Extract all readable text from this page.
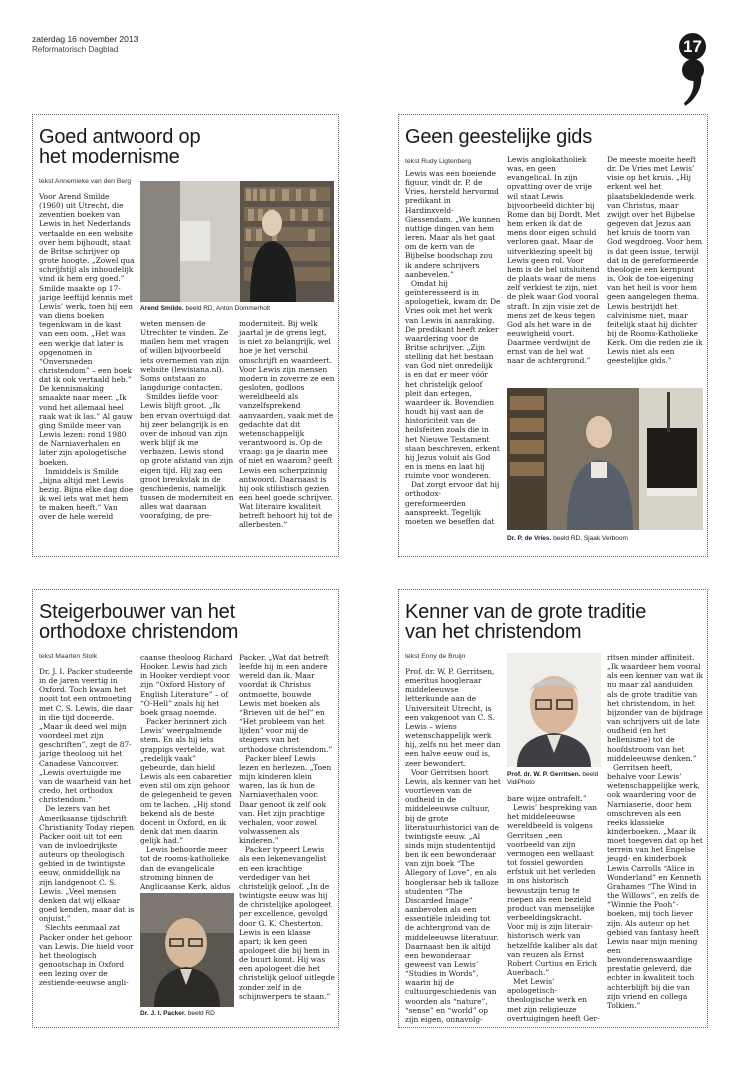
zaterdag 16 november 2013
Reformatorisch Dagblad	17
Goed antwoord op
het modernisme
tekst Annemieke van den Berg
Arend Smilde. beeld RD, Anton Dommerholt

Voor Arend Smilde (1960) uit Utrecht, die zeventien boeken van Lewis in het Nederlands vertaalde en een website over hem bijhoudt, staat de Britse schrijver op grote hoogte. „Zowel qua schrijfstijl als inhoudelijk vind ik hem erg goed.” Smilde maakte op 17-jarige leeftijd kennis met Lewis’ werk, toen hij een van diens boeken tegenkwam in de kast van een oom. „Het was een werkje dat later is opgenomen in “Onversneden christendom” – een boek dat ik ook vertaald heb.” De kennismaking smaakte naar meer. „Ik vond het allemaal heel raak wat ik las.” Al gauw ging Smilde meer van Lewis lezen: rond 1980 de Narniaverhalen en later zijn apologetische boeken.

Inmiddels is Smilde „bijna altijd met Lewis bezig. Bijna elke dag doe ik wel iets wat met hem te maken heeft.” Van over de hele wereld

weten mensen de Utrechter te vinden. Ze mailen hem met vragen of willen bijvoorbeeld iets overnemen van zijn website (lewisiana.nl). Soms ontstaan zo langdurige contacten.

Smildes liefde voor Lewis blijft groot. „Ik ben ervan overtuigd dat hij zeer belangrijk is en over de inhoud van zijn werk blijf ik me verbazen. Lewis stond op grote afstand van zijn eigen tijd. Hij zag een groot breukvlak in de geschiedenis, namelijk tussen de moderniteit en alles wat daaraan voorafging, de pre-

moderniteit. Bij welk jaartal je de grens legt, is niet zo belangrijk, wel hoe je het verschil omschrijft en waardeert. Voor Lewis zijn mensen modern in zoverre ze een gesloten, godloos wereldbeeld als vanzelfsprekend aanvaarden, vaak met de gedachte dat dit wetenschappelijk verantwoord is. Op de vraag: ga je daarin mee of niet en waarom? geeft Lewis een scherpzinnig antwoord. Daarnaast is hij ook stilistisch gezien een heel goede schrijver. Wat literaire kwaliteit betreft behoort hij tot de allerbesten.”

Geen geestelijke gids
tekst Rudy Ligtenberg

Lewis was een boeiende figuur, vindt dr. P. de Vries, hersteld hervormd predikant in Hardinxveld-Giessendam. „We kunnen nuttige dingen van hem leren. Maar als het gaat om de kern van de Bijbelse boodschap zou ik andere schrijvers aanbevelen.”

Omdat hij geïnteresseerd is in apologetiek, kwam dr. De Vries ook met het werk van Lewis in aanraking. De predikant heeft zeker waardering voor de Britse schrijver. „Zijn stelling dat het bestaan van God niet onredelijk is en dat er meer vóór het christelijk geloof pleit dan ertegen, waardeer ik. Bovendien houdt hij vast aan de historiciteit van de heilsfeiten zoals die in het Nieuwe Testament staan beschreven, erkent hij Jezus voluit als God en is mens en laat hij ruimte voor wonderen.

Dat zorgt ervoor dat hij orthodox-gereformeerden aanspreekt. Tegelijk moeten we beseffen dat

Lewis anglokatholiek was, en geen evangelical. In zijn opvatting over de vrije wil staat Lewis bijvoorbeeld dichter bij Rome dan bij Dordt. Met hem erken ik dat de mens door eigen schuld verloren gaat. Maar de uitverkiezing speelt bij Lewis geen rol. Voor hem is de hel uitsluitend de plaats waar de mens zelf verkiest te zijn, niet de plek waar God vooral straft. In zijn visie zet de mens zet de keus tegen God als het ware in de eeuwigheid voort. Daarmee verdwijnt de ernst van de hel wat naar de achtergrond.”

De meeste moeite heeft dr. De Vries met Lewis’ visie op het kruis. „Hij erkent wel het plaatsbekledende werk van Christus, maar zwijgt over het Bijbelse gegeven dat Jezus aan het kruis de toorn van God wegdroeg. Voor hem is dat geen issue, terwijl dat in de gereformeerde theologie een kernpunt is. Ook de toe-eigening van het heil is voor hem geen aangelegen thema. Lewis bestrijdt het calvinisme niet, maar feitelijk staat hij dichter bij de Rooms-Katholieke Kerk. Om die reden zie ik Lewis niet als een geestelijke gids.”

Dr. P. de Vries. beeld RD, Sjaak Verboom
Steigerbouwer van het
orthodoxe christendom
tekst Maarten Stolk

Dr. J. I. Packer studeerde in de jaren veertig in Oxford. Toch kwam het nooit tot een ontmoeting met C. S. Lewis, die daar in die tijd doceerde. „Maar ik deed wel mijn voordeel met zijn geschriften”, zegt de 87-jarige theoloog uit het Canadese Vancouver. „Lewis overtuigde me van de waarheid van het credo, het orthodox christendom.”

De lezers van het Amerikaanse tijdschrift Christianity Today riepen Packer ooit uit tot een van de invloedrijkste auteurs op theologisch gebied in de twintigste eeuw, onmiddellijk na zijn landgenoot C. S. Lewis. „Veel mensen denken dat wij elkaar goed kenden, maar dat is onjuist.”

Slechts eenmaal zat Packer onder het gehoor van Lewis. Die hield voor het theologisch genootschap in Oxford een lezing over de zestiende-eeuwse angli-

caanse theoloog Richard Hooker. Lewis had zich in Hooker verdiept voor zijn “Oxford History of English Literature” – of “O-Hell” zoals hij het boek graag noemde.

Packer herinnert zich Lewis’ weergalmende stem. En als hij iets grappigs vertelde, wat „redelijk vaak” gebeurde, dan hield Lewis als een cabaretier even stil om zijn gehoor de gelegenheid te geven om te lachen. „Hij stond bekend als de beste docent in Oxford, en ik denk dat men daarin gelijk had.”

Lewis behoorde meer tot de rooms-katholieke dan de evangelicale stroming binnen de Anglicaanse Kerk, aldus

Packer. „Wat dat betreft leefde hij in een andere wereld dan ik. Maar voordat ik Christus ontmoette, bouwde Lewis met boeken als “Brieven uit de hel” en “Het probleem van het lijden” voor mij de steigers van het orthodoxe christendom.”

Packer bleef Lewis lezen en herlezen. „Toen mijn kinderen klein waren, las ik hun de Narniaverhalen voor. Daar genoot ik zelf ook van. Het zijn prachtige verhalen, voor zowel volwassenen als kinderen.”

Packer typeert Lewis als een lekenevangelist en een krachtige verdediger van het christelijk geloof. „In de twintigste eeuw was hij de christelijke apologeet per excellence, gevolgd door G. K. Chesterton. Lewis is een klasse apart; ik ken geen apologeet die bij hem in de buurt komt. Hij was een apologeet die het christelijk geloof uitlegde zonder zelf in de schijnwerpers te staan.”

Dr. J. I. Packer. beeld RD
Kenner van de grote traditie
van het christendom
tekst Enny de Bruijn

Prof. dr. W. P. Gerritsen, emeritus hoogleraar middeleeuwse letterkunde aan de Universiteit Utrecht, is een vakgenoot van C. S. Lewis – wiens wetenschappelijk werk hij, zelfs nu het meer dan een halve eeuw oud is, zeer bewondert.

Voor Gerritsen hoort Lewis, als kenner van het voortleven van de oudheid in de middeleeuwse cultuur, bij de grote literatuurhistorici van de twintigste eeuw. „Al sinds mijn studententijd ben ik een bewonderaar van zijn boek “The Allegory of Love”, en als hoogleraar heb ik talloze studenten “The Discarded Image” aanbevolen als een essentiële inleiding tot de achtergrond van de middeleeuwse literatuur. Daarnaast ben ik altijd een bewonderaar geweest van Lewis’ “Studies in Words”, waarin hij de cultuurgeschiedenis van woorden als “nature”, “sense” en “world” op zijn eigen, onnavolg-

Prof. dr. W. P. Gerritsen. beeld VidiPhoto

bare wijze ontrafelt.”

Lewis’ bespreking van het middeleeuwse wereldbeeld is volgens Gerritsen „een voorbeeld van zijn vermogen een wellaast tot fossiel geworden erfstuk uit het verleden in ons historisch bewustzijn terug te roepen als een bezield product van menselijke verbeeldingskracht. Voor mij is zijn literair-historisch werk van hetzelfde kaliber als dat van reuzen als Ernst Robert Curtius en Erich Auerbach.”

Met Lewis’ apologetisch-theologische werk en met zijn religieuze overtuigingen heeft Ger-

ritsen minder affiniteit. „Ik waardeer hem vooral als een kenner van wat ik nu maar zal aanduiden als de grote traditie van het christendom, in het bijzonder van de bijdrage van schrijvers uit de late oudheid (en het hellenisme) tot de hoofdstroom van het middeleeuwse denken.”

Gerritsen heeft, behalve voor Lewis’ wetenschappelijke werk, ook waardering voor de Narniaserie, door hem omschreven als een reeks klassieke kinderboeken. „Maar ik moet toegeven dat op het terrein van het Engelse jeugd- en kinderboek Lewis Carrolls “Alice in Wonderland” en Kenneth Grahames “The Wind in the Willows”, en zelfs de “Winnie the Pooh”-boeken, mij toch liever zijn. Als auteur op het gebied van fantasy heeft Lewis naar mijn mening een bewonderenswaardige prestatie geleverd, die echter in kwaliteit toch achterblijft bij die van zijn vriend en collega Tolkien.”
